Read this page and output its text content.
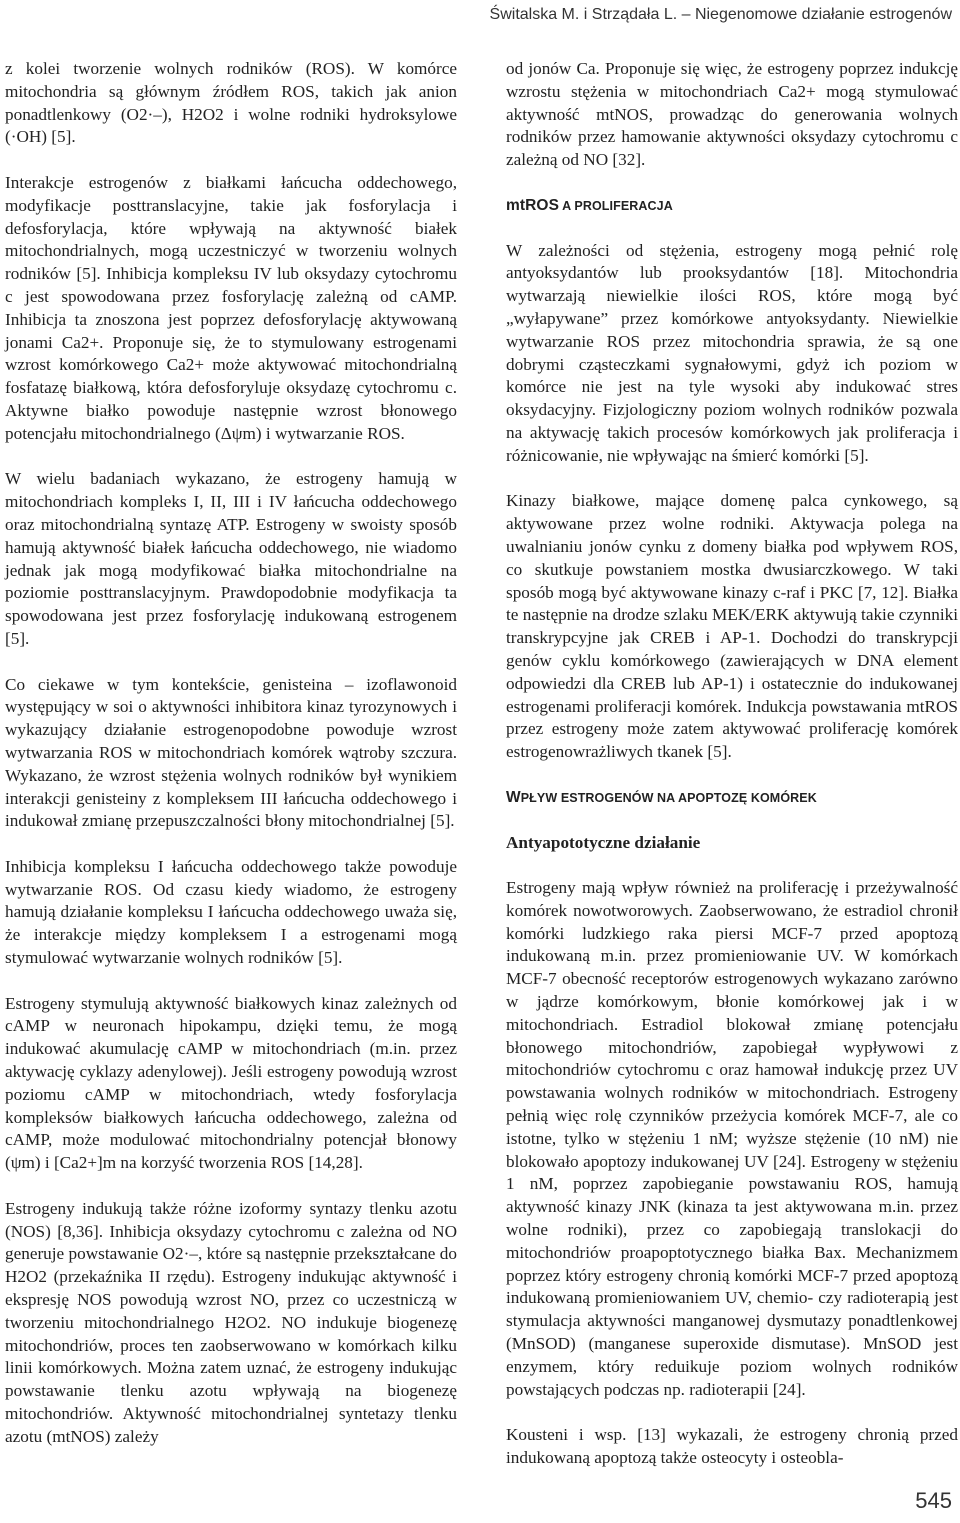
Świtalska M. i Strządała L. – Niegenomowe działanie estrogenów

z kolei tworzenie wolnych rodników (ROS). W komórce mitochondria są głównym źródłem ROS, takich jak anion ponadtlenkowy (O2·–), H2O2 i wolne rodniki hydroksylowe (·OH) [5].

Interakcje estrogenów z białkami łańcucha oddechowego, modyfikacje posttranslacyjne, takie jak fosforylacja i defosforylacja, które wpływają na aktywność białek mitochondrialnych, mogą uczestniczyć w tworzeniu wolnych rodników [5]. Inhibicja kompleksu IV lub oksydazy cytochromu c jest spowodowana przez fosforylację zależną od cAMP. Inhibicja ta znoszona jest poprzez defosforylację aktywowaną jonami Ca2+. Proponuje się, że to stymulowany estrogenami wzrost komórkowego Ca2+ może aktywować mitochondrialną fosfatazę białkową, która defosforyluje oksydazę cytochromu c. Aktywne białko powoduje następnie wzrost błonowego potencjału mitochondrialnego (Δψm) i wytwarzanie ROS.

W wielu badaniach wykazano, że estrogeny hamują w mitochondriach kompleks I, II, III i IV łańcucha oddechowego oraz mitochondrialną syntazę ATP. Estrogeny w swoisty sposób hamują aktywność białek łańcucha oddechowego, nie wiadomo jednak jak mogą modyfikować białka mitochondrialne na poziomie posttranslacyjnym. Prawdopodobnie modyfikacja ta spowodowana jest przez fosforylację indukowaną estrogenem [5].

Co ciekawe w tym kontekście, genisteina – izoflawonoid występujący w soi o aktywności inhibitora kinaz tyrozynowych i wykazujący działanie estrogenopodobne powoduje wzrost wytwarzania ROS w mitochondriach komórek wątroby szczura. Wykazano, że wzrost stężenia wolnych rodników był wynikiem interakcji genisteiny z kompleksem III łańcucha oddechowego i indukował zmianę przepuszczalności błony mitochondrialnej [5].

Inhibicja kompleksu I łańcucha oddechowego także powoduje wytwarzanie ROS. Od czasu kiedy wiadomo, że estrogeny hamują działanie kompleksu I łańcucha oddechowego uważa się, że interakcje między kompleksem I a estrogenami mogą stymulować wytwarzanie wolnych rodników [5].

Estrogeny stymulują aktywność białkowych kinaz zależnych od cAMP w neuronach hipokampu, dzięki temu, że mogą indukować akumulację cAMP w mitochondriach (m.in. przez aktywację cyklazy adenylowej). Jeśli estrogeny powodują wzrost poziomu cAMP w mitochondriach, wtedy fosforylacja kompleksów białkowych łańcucha oddechowego, zależna od cAMP, może modulować mitochondrialny potencjał błonowy (ψm) i [Ca2+]m na korzyść tworzenia ROS [14,28].

Estrogeny indukują także różne izoformy syntazy tlenku azotu (NOS) [8,36]. Inhibicja oksydazy cytochromu c zależna od NO generuje powstawanie O2·–, które są następnie przekształcane do H2O2 (przekaźnika II rzędu). Estrogeny indukując aktywność i ekspresję NOS powodują wzrost NO, przez co uczestniczą w tworzeniu mitochondrialnego H2O2. NO indukuje biogenezę mitochondriów, proces ten zaobserwowano w komórkach kilku linii komórkowych. Można zatem uznać, że estrogeny indukując powstawanie tlenku azotu wpływają na biogenezę mitochondriów. Aktywność mitochondrialnej syntetazy tlenku azotu (mtNOS) zależy

od jonów Ca. Proponuje się więc, że estrogeny poprzez indukcję wzrostu stężenia w mitochondriach Ca2+ mogą stymulować aktywność mtNOS, prowadząc do generowania wolnych rodników przez hamowanie aktywności oksydazy cytochromu c zależną od NO [32].

mtROS A PROLIFERACJA

W zależności od stężenia, estrogeny mogą pełnić rolę antyoksydantów lub prooksydantów [18]. Mitochondria wytwarzają niewielkie ilości ROS, które mogą być „wyłapywane” przez komórkowe antyoksydanty. Niewielkie wytwarzanie ROS przez mitochondria sprawia, że są one dobrymi cząsteczkami sygnałowymi, gdyż ich poziom w komórce nie jest na tyle wysoki aby indukować stres oksydacyjny. Fizjologiczny poziom wolnych rodników pozwala na aktywację takich procesów komórkowych jak proliferacja i różnicowanie, nie wpływając na śmierć komórki [5].

Kinazy białkowe, mające domenę palca cynkowego, są aktywowane przez wolne rodniki. Aktywacja polega na uwalnianiu jonów cynku z domeny białka pod wpływem ROS, co skutkuje powstaniem mostka dwusiarczkowego. W taki sposób mogą być aktywowane kinazy c-raf i PKC [7, 12]. Białka te następnie na drodze szlaku MEK/ERK aktywują takie czynniki transkrypcyjne jak CREB i AP-1. Dochodzi do transkrypcji genów cyklu komórkowego (zawierających w DNA element odpowiedzi dla CREB lub AP-1) i ostatecznie do indukowanej estrogenami proliferacji komórek. Indukcja powstawania mtROS przez estrogeny może zatem aktywować proliferację komórek estrogenowrażliwych tkanek [5].

WPŁYW ESTROGENÓW NA APOPTOZĘ KOMÓREK
Antyapototyczne działanie

Estrogeny mają wpływ również na proliferację i przeżywalność komórek nowotworowych. Zaobserwowano, że estradiol chronił komórki ludzkiego raka piersi MCF-7 przed apoptozą indukowaną m.in. przez promieniowanie UV. W komórkach MCF-7 obecność receptorów estrogenowych wykazano zarówno w jądrze komórkowym, błonie komórkowej jak i w mitochondriach. Estradiol blokował zmianę potencjału błonowego mitochondriów, zapobiegał wypływowi z mitochondriów cytochromu c oraz hamował indukcję przez UV powstawania wolnych rodników w mitochondriach. Estrogeny pełnią więc rolę czynników przeżycia komórek MCF-7, ale co istotne, tylko w stężeniu 1 nM; wyższe stężenie (10 nM) nie blokowało apoptozy indukowanej UV [24]. Estrogeny w stężeniu 1 nM, poprzez zapobieganie powstawaniu ROS, hamują aktywność kinazy JNK (kinaza ta jest aktywowana m.in. przez wolne rodniki), przez co zapobiegają translokacji do mitochondriów proapoptotycznego białka Bax. Mechanizmem poprzez który estrogeny chronią komórki MCF-7 przed apoptozą indukowaną promieniowaniem UV, chemio- czy radioterapią jest stymulacja aktywności manganowej dysmutazy ponadtlenkowej (MnSOD) (manganese superoxide dismutase). MnSOD jest enzymem, który reduikuje poziom wolnych rodników powstających podczas np. radioterapii [24].

Kousteni i wsp. [13] wykazali, że estrogeny chronią przed indukowaną apoptozą także osteocyty i osteobla-

545
